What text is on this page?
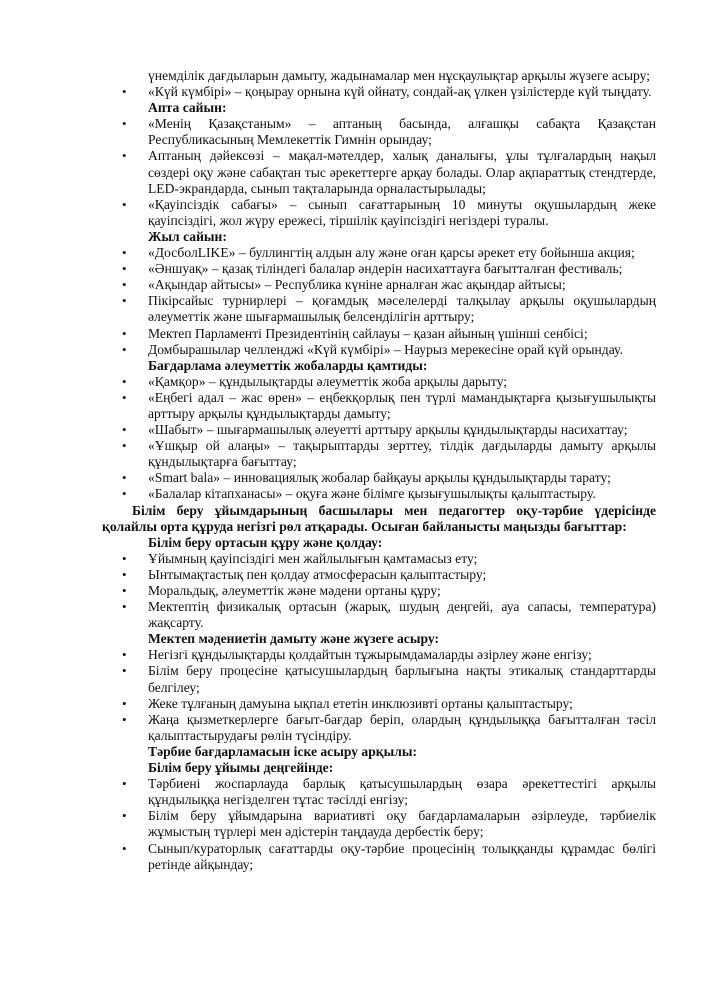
үнемділік дағдыларын дамыту, жадынамалар мен нұсқаулықтар арқылы жүзеге асыру;
• «Күй күмбірі» – қоңырау орнына күй ойнату, сондай-ақ үлкен үзілістерде күй тыңдату.
Апта сайын:
• «Менің Қазақстаным» – аптаның басында, алғашқы сабақта Қазақстан Республикасының Мемлекеттік Гимнін орындау;
• Аптаның дәйексөзі – мақал-мәтелдер, халық даналығы, ұлы тұлғалардың нақыл сөздері оқу және сабақтан тыс әрекеттерге арқау болады. Олар ақпараттық стендтерде, LED-экрандарда, сынып тақталарында орналастырылады;
• «Қауіпсіздік сабағы» – сынып сағаттарының 10 минуты оқушылардың жеке қауіпсіздігі, жол жүру ережесі, тіршілік қауіпсіздігі негіздері туралы.
Жыл сайын:
• «ДосболLIKE» – буллингтің алдын алу және оған қарсы әрекет ету бойынша акция;
• «Әншуақ» – қазақ тіліндегі балалар әндерін насихаттауға бағытталған фестиваль;
• «Ақындар айтысы» – Республика күніне арналған жас ақындар айтысы;
• Пікірсайыс турнирлері – қоғамдық мәселелерді талқылау арқылы оқушылардың әлеуметтік және шығармашылық белсенділігін арттыру;
• Мектеп Парламенті Президентінің сайлауы – қазан айының үшінші сенбісі;
• Домбырашылар челленджі «Күй күмбірі» – Наурыз мерекесіне орай күй орындау.
Бағдарлама әлеуметтік жобаларды қамтиды:
• «Қамқор» – құндылықтарды әлеуметтік жоба арқылы дарыту;
• «Еңбегі адал – жас өрен» – еңбекқорлық пен түрлі мамандықтарға қызығушылықты арттыру арқылы құндылықтарды дамыту;
• «Шабыт» – шығармашылық әлеуетті арттыру арқылы құндылықтарды насихаттау;
• «Ұшқыр ой алаңы» – тақырыптарды зерттеу, тілдік дағдыларды дамыту арқылы құндылықтарға бағыттау;
• «Smart bala» – инновациялық жобалар байқауы арқылы құндылықтарды тарату;
• «Балалар кітапханасы» – оқуға және білімге қызығушылықты қалыптастыру.
Білім беру ұйымдарының басшылары мен педагогтер оқу-тәрбие үдерісінде қолайлы орта құруда негізгі рөл атқарады. Осыған байланысты маңызды бағыттар:
Білім беру ортасын құру және қолдау:
• Ұйымның қауіпсіздігі мен жайлылығын қамтамасыз ету;
• Ынтымақтастық пен қолдау атмосферасын қалыптастыру;
• Моральдық, әлеуметтік және мәдени ортаны құру;
• Мектептің физикалық ортасын (жарық, шудың деңгейі, ауа сапасы, температура) жақсарту.
Мектеп мәдениетін дамыту және жүзеге асыру:
• Негізгі құндылықтарды қолдайтын тұжырымдамаларды әзірлеу және енгізу;
• Білім беру процесіне қатысушылардың барлығына нақты этикалық стандарттарды белгілеу;
• Жеке тұлғаның дамуына ықпал ететін инклюзивті ортаны қалыптастыру;
• Жаңа қызметкерлерге бағыт-бағдар беріп, олардың құндылыққа бағытталған тәсіл қалыптастырудағы рөлін түсіндіру.
Тәрбие бағдарламасын іске асыру арқылы:
Білім беру ұйымы деңгейінде:
• Тәрбиені жоспарлауда барлық қатысушылардың өзара әрекеттестігі арқылы құндылыққа негізделген тұтас тәсілді енгізу;
• Білім беру ұйымдарына вариативті оқу бағдарламаларын әзірлеуде, тәрбиелік жұмыстың түрлері мен әдістерін таңдауда дербестік беру;
• Сынып/кураторлық сағаттарды оқу-тәрбие процесінің толыққанды құрамдас бөлігі ретінде айқындау;
